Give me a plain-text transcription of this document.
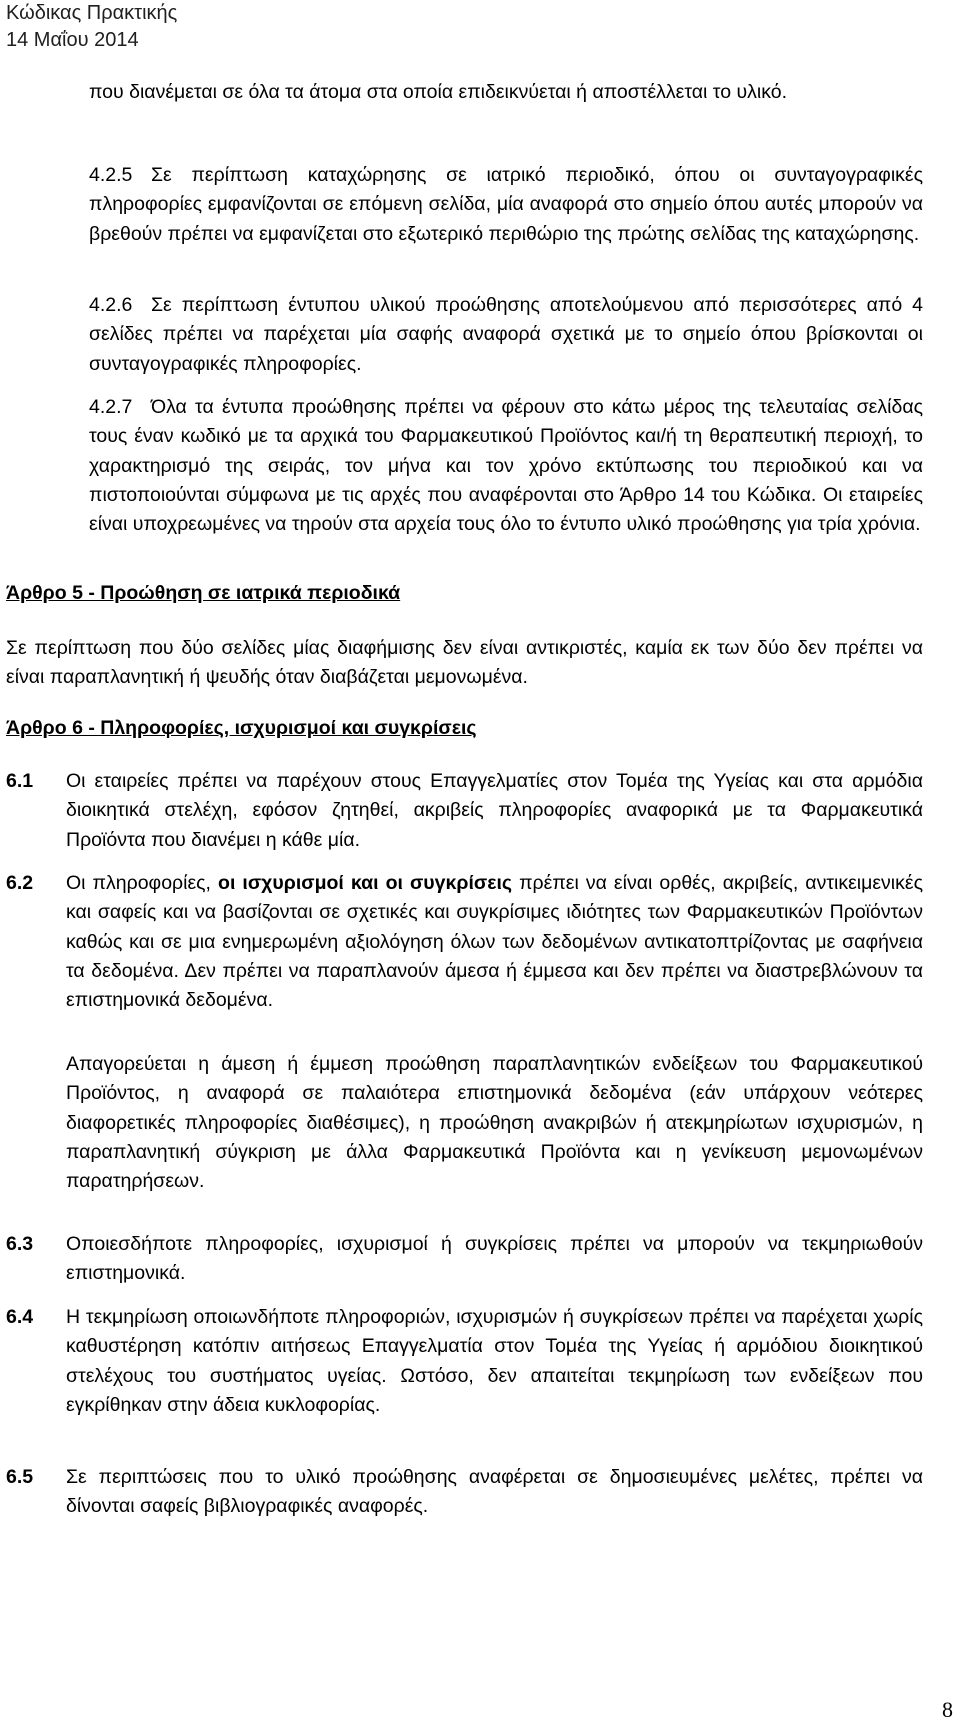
Κώδικας Πρακτικής
14 Μαΐου 2014
που διανέμεται σε όλα τα άτομα στα οποία επιδεικνύεται ή αποστέλλεται το υλικό.
4.2.5 Σε περίπτωση καταχώρησης σε ιατρικό περιοδικό, όπου οι συνταγογραφικές πληροφορίες εμφανίζονται σε επόμενη σελίδα, μία αναφορά στο σημείο όπου αυτές μπορούν να βρεθούν πρέπει να εμφανίζεται στο εξωτερικό περιθώριο της πρώτης σελίδας της καταχώρησης.
4.2.6 Σε περίπτωση έντυπου υλικού προώθησης αποτελούμενου από περισσότερες από 4 σελίδες πρέπει να παρέχεται μία σαφής αναφορά σχετικά με το σημείο όπου βρίσκονται οι συνταγογραφικές πληροφορίες.
4.2.7 Όλα τα έντυπα προώθησης πρέπει να φέρουν στο κάτω μέρος της τελευταίας σελίδας τους έναν κωδικό με τα αρχικά του Φαρμακευτικού Προϊόντος και/ή τη θεραπευτική περιοχή, το χαρακτηρισμό της σειράς, τον μήνα και τον χρόνο εκτύπωσης του περιοδικού και να πιστοποιούνται σύμφωνα με τις αρχές που αναφέρονται στο Άρθρο 14 του Κώδικα. Οι εταιρείες είναι υποχρεωμένες να τηρούν στα αρχεία τους όλο το έντυπο υλικό προώθησης για τρία χρόνια.
Άρθρο 5 - Προώθηση σε ιατρικά περιοδικά
Σε περίπτωση που δύο σελίδες μίας διαφήμισης δεν είναι αντικριστές, καμία εκ των δύο δεν πρέπει να είναι παραπλανητική ή ψευδής όταν διαβάζεται μεμονωμένα.
Άρθρο 6 - Πληροφορίες, ισχυρισμοί και συγκρίσεις
6.1 Οι εταιρείες πρέπει να παρέχουν στους Επαγγελματίες στον Τομέα της Υγείας και στα αρμόδια διοικητικά στελέχη, εφόσον ζητηθεί, ακριβείς πληροφορίες αναφορικά με τα Φαρμακευτικά Προϊόντα που διανέμει η κάθε μία.
6.2 Οι πληροφορίες, οι ισχυρισμοί και οι συγκρίσεις πρέπει να είναι ορθές, ακριβείς, αντικειμενικές και σαφείς και να βασίζονται σε σχετικές και συγκρίσιμες ιδιότητες των Φαρμακευτικών Προϊόντων καθώς και σε μια ενημερωμένη αξιολόγηση όλων των δεδομένων αντικατοπτρίζοντας με σαφήνεια τα δεδομένα. Δεν πρέπει να παραπλανούν άμεσα ή έμμεσα και δεν πρέπει να διαστρεβλώνουν τα επιστημονικά δεδομένα.
Απαγορεύεται η άμεση ή έμμεση προώθηση παραπλανητικών ενδείξεων του Φαρμακευτικού Προϊόντος, η αναφορά σε παλαιότερα επιστημονικά δεδομένα (εάν υπάρχουν νεότερες διαφορετικές πληροφορίες διαθέσιμες), η προώθηση ανακριβών ή ατεκμηρίωτων ισχυρισμών, η παραπλανητική σύγκριση με άλλα Φαρμακευτικά Προϊόντα και η γενίκευση μεμονωμένων παρατηρήσεων.
6.3 Οποιεσδήποτε πληροφορίες, ισχυρισμοί ή συγκρίσεις πρέπει να μπορούν να τεκμηριωθούν επιστημονικά.
6.4 Η τεκμηρίωση οποιωνδήποτε πληροφοριών, ισχυρισμών ή συγκρίσεων πρέπει να παρέχεται χωρίς καθυστέρηση κατόπιν αιτήσεως Επαγγελματία στον Τομέα της Υγείας ή αρμόδιου διοικητικού στελέχους του συστήματος υγείας. Ωστόσο, δεν απαιτείται τεκμηρίωση των ενδείξεων που εγκρίθηκαν στην άδεια κυκλοφορίας.
6.5 Σε περιπτώσεις που το υλικό προώθησης αναφέρεται σε δημοσιευμένες μελέτες, πρέπει να δίνονται σαφείς βιβλιογραφικές αναφορές.
8
